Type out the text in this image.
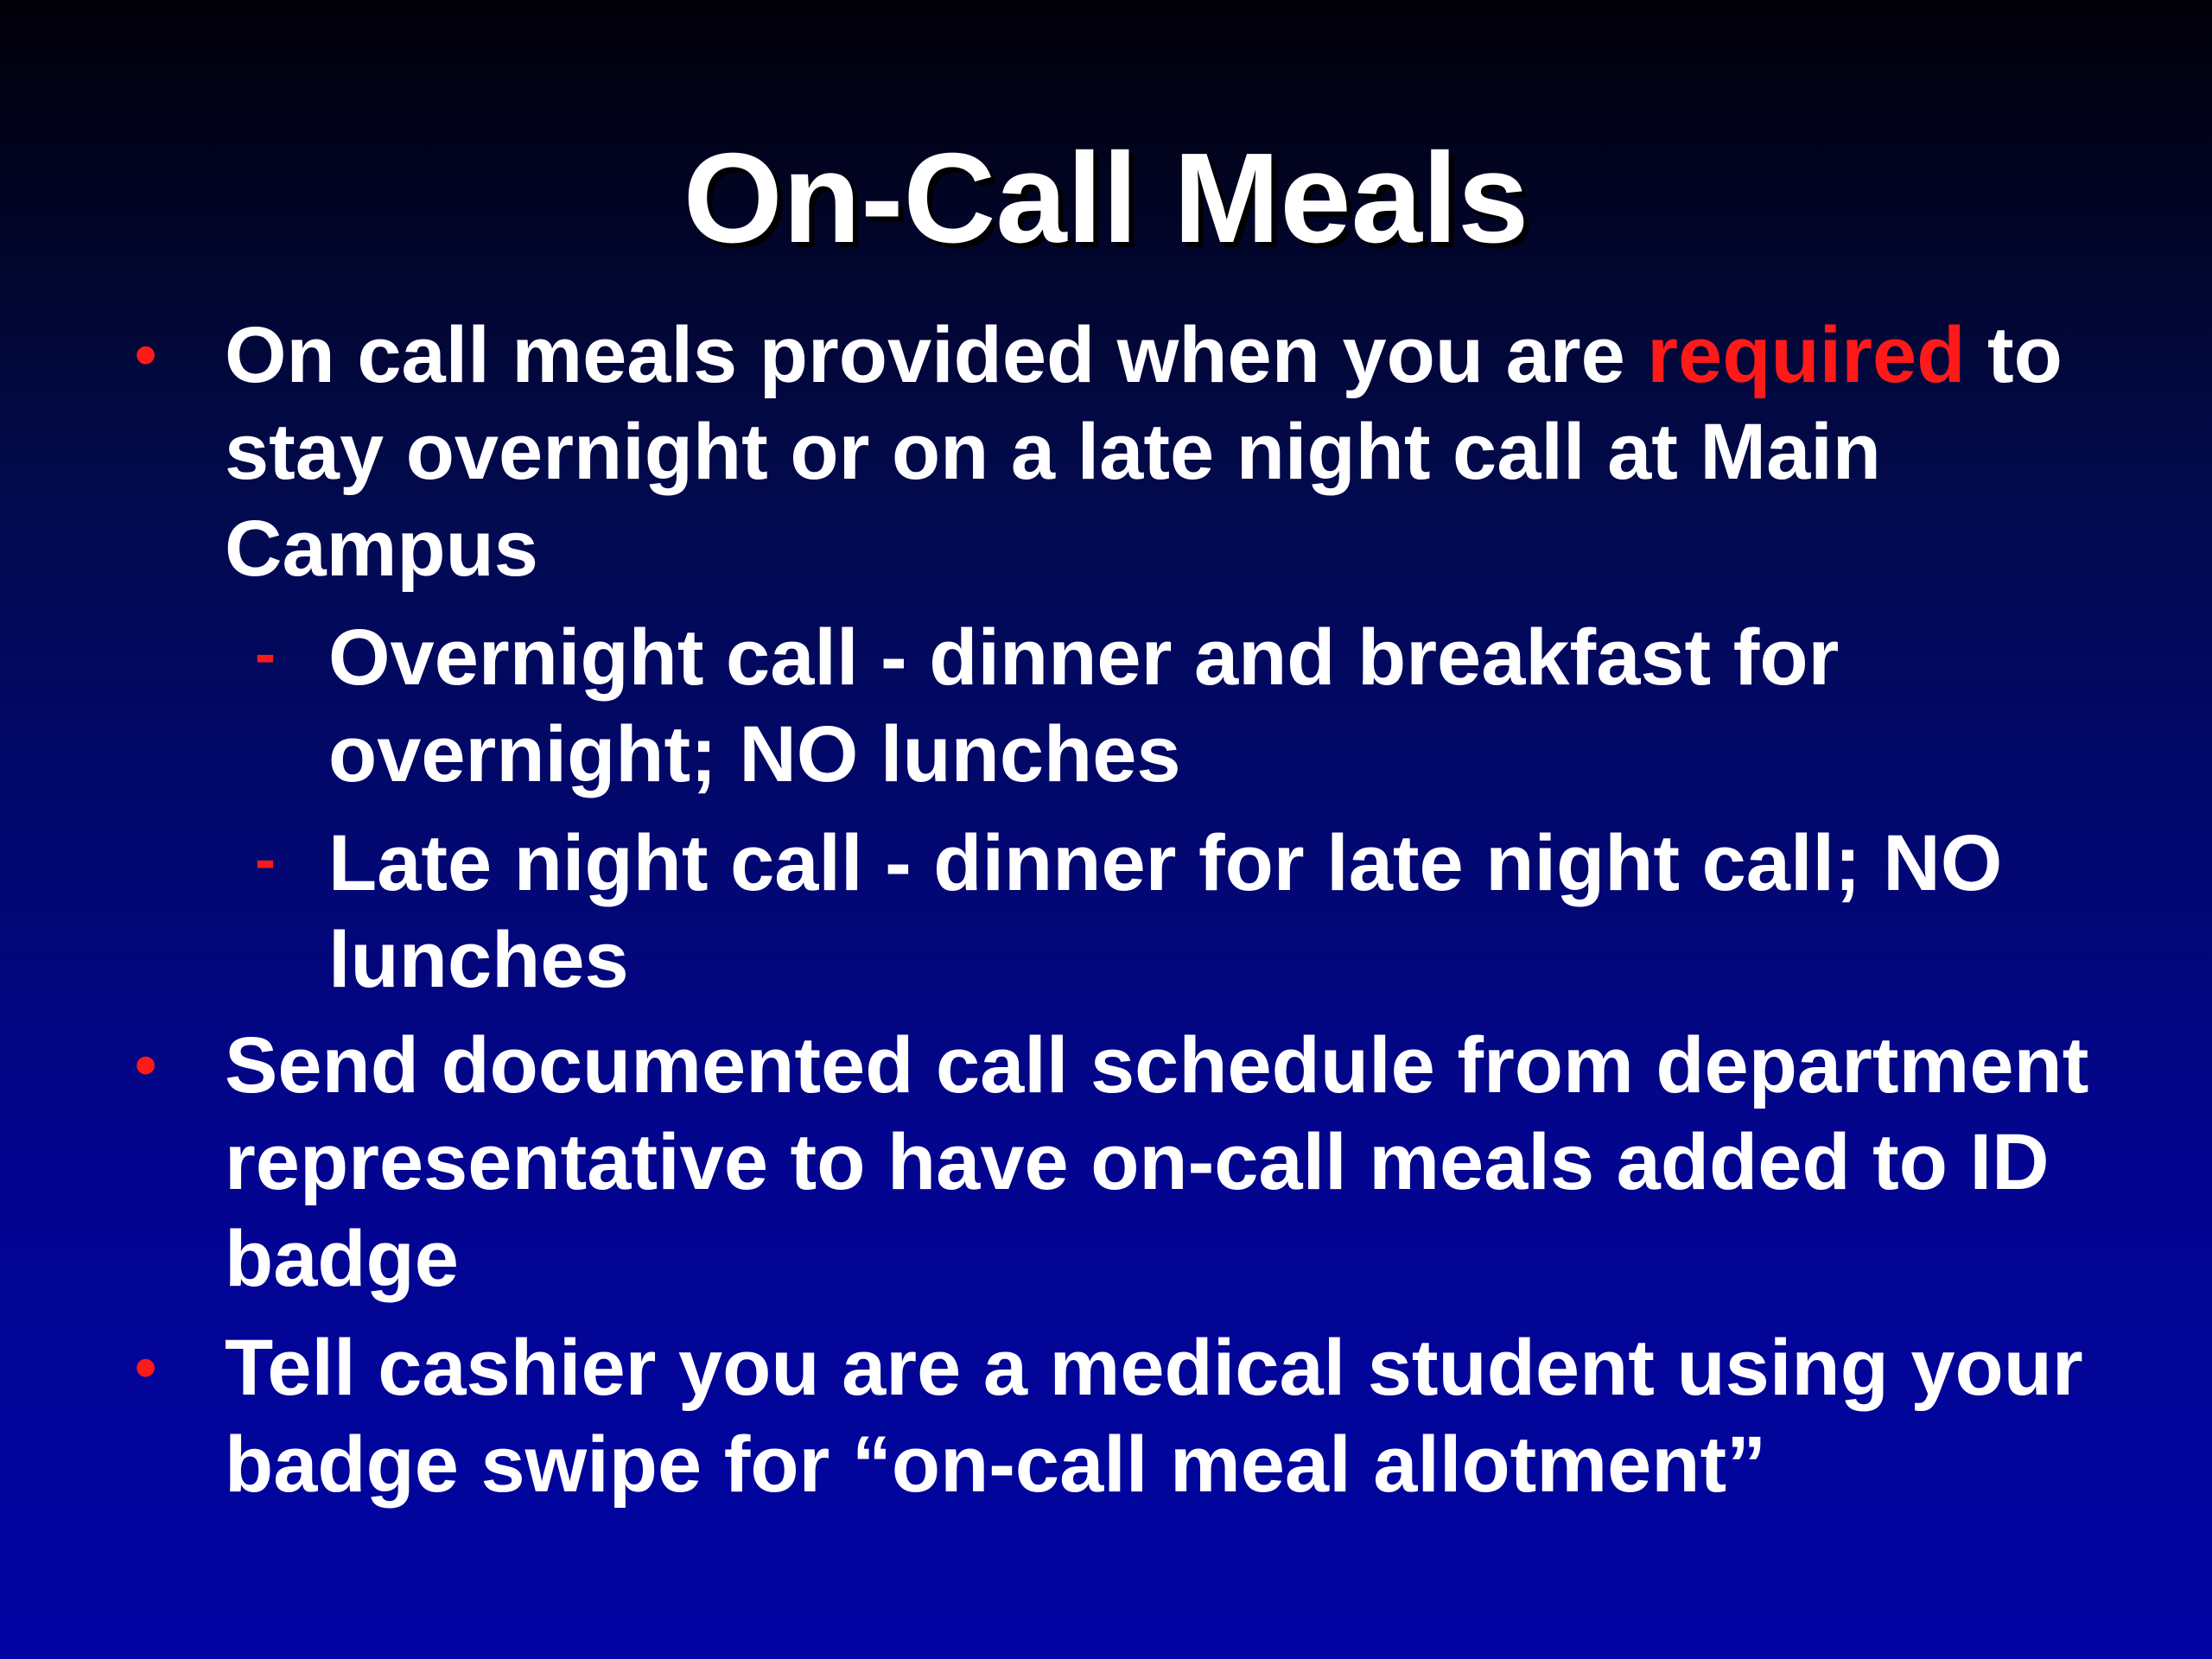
On-Call Meals
• On call meals provided when you are required to stay overnight or on a late night call at Main Campus
- Overnight call - dinner and breakfast for overnight; NO lunches
- Late night call - dinner for late night call; NO lunches
• Send documented call schedule from department representative to have on-call meals added to ID badge
• Tell cashier you are a medical student using your badge swipe for “on-call meal allotment”
